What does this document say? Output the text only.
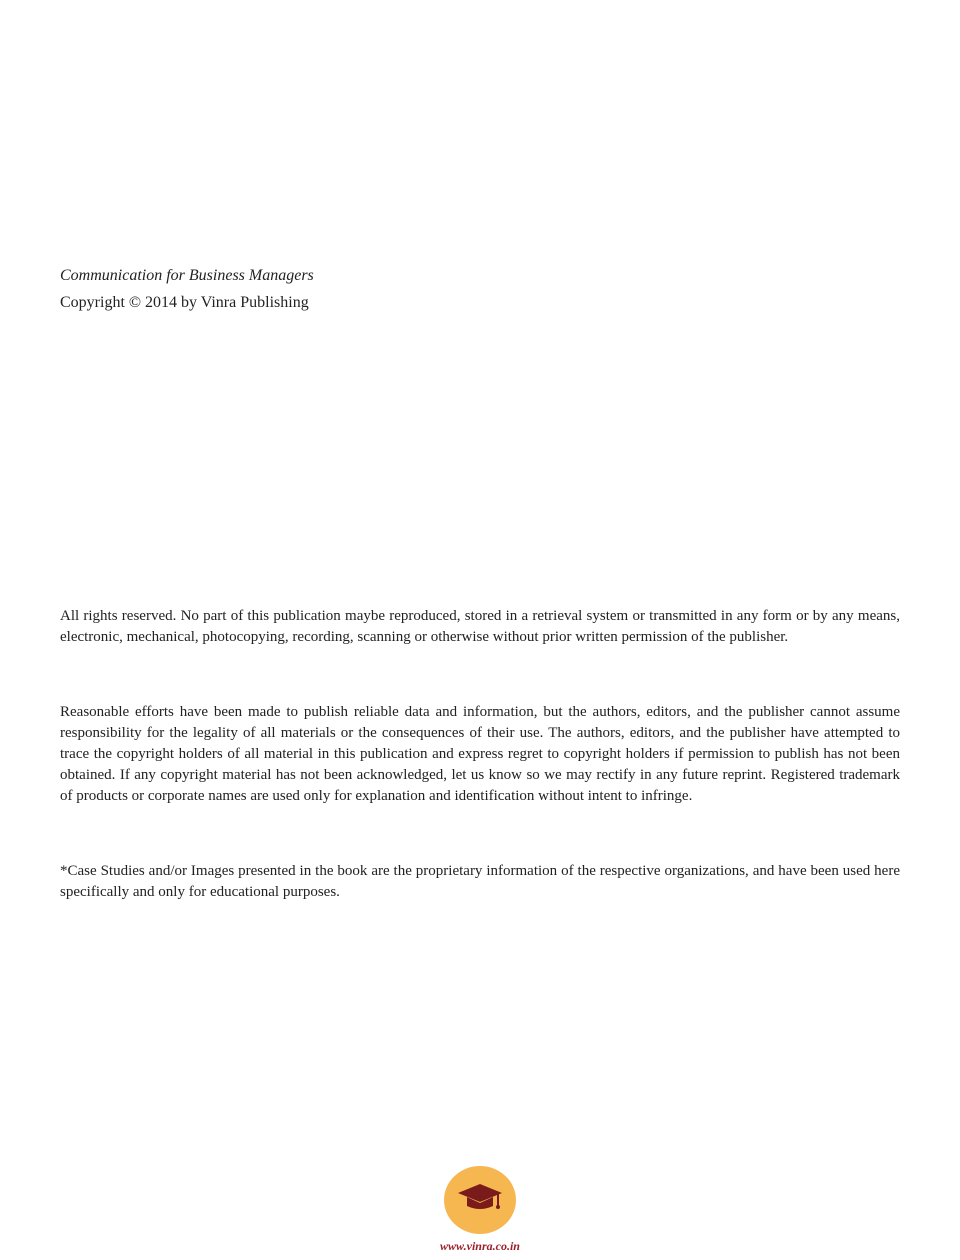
Communication for Business Managers

Copyright © 2014 by Vinra Publishing

All rights reserved. No part of this publication maybe reproduced, stored in a retrieval system or transmitted in any form or by any means, electronic, mechanical, photocopying, recording, scanning or otherwise without prior written permission of the publisher.

Reasonable efforts have been made to publish reliable data and information, but the authors, editors, and the publisher cannot assume responsibility for the legality of all materials or the consequences of their use. The authors, editors, and the publisher have attempted to trace the copyright holders of all material in this publication and express regret to copyright holders if permission to publish has not been obtained. If any copyright material has not been acknowledged, let us know so we may rectify in any future reprint. Registered trademark of products or corporate names are used only for explanation and identification without intent to infringe.

*Case Studies and/or Images presented in the book are the proprietary information of the respective organizations, and have been used here specifically and only for educational purposes.

www.vinra.co.in
